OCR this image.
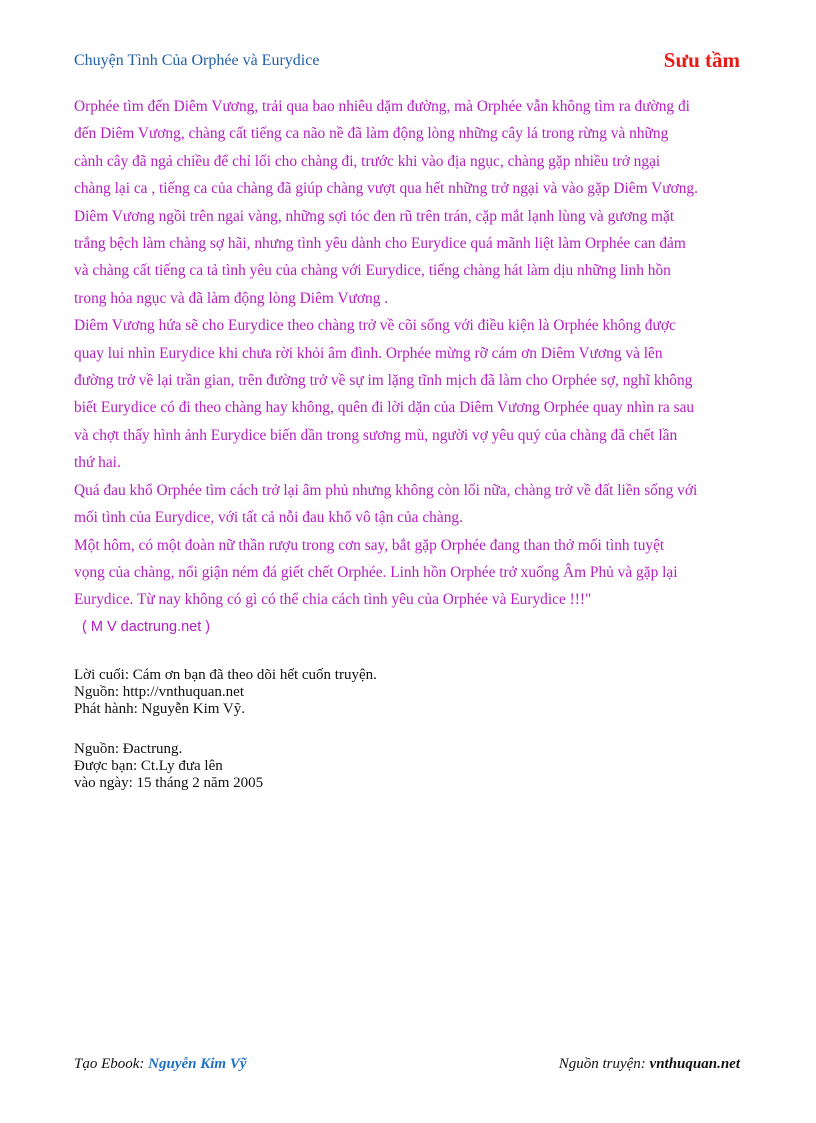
Chuyện Tình Của Orphée và Eurydice	Sưu tầm

Orphée tìm đến Diêm Vương, trải qua bao nhiêu dặm đường, mà Orphée vẫn không tìm ra đường đi
đến Diêm Vương, chàng cất tiếng ca não nề đã làm động lòng những cây lá trong rừng và những
cành cây đã ngả chiều để chỉ lối cho chàng đi, trước khi vào địa ngục, chàng gặp nhiều trở ngại
chàng lại ca , tiếng ca của chàng đã giúp chàng vượt qua hết những trở ngại và vào gặp Diêm Vương.
Diêm Vương ngồi trên ngai vàng, những sợi tóc đen rũ trên trán, cặp mắt lạnh lùng và gương mặt
trắng bệch làm chàng sợ hãi, nhưng tình yêu dành cho Eurydice quá mãnh liệt làm Orphée can đảm
và chàng cất tiếng ca tả tình yêu của chàng với Eurydice, tiếng chàng hát làm dịu những linh hồn
trong hỏa ngục và đã làm động lòng Diêm Vương .
Diêm Vương hứa sẽ cho Eurydice theo chàng trở về cõi sống với điều kiện là Orphée không được
quay lui nhìn Eurydice khi chưa rời khỏi âm đình. Orphée mừng rỡ cám ơn Diêm Vương và lên
đường trở về lại trần gian, trên đường trở về sự im lặng tĩnh mịch đã làm cho Orphée sợ, nghĩ không
biết Eurydice có đi theo chàng hay không, quên đi lời dặn của Diêm Vương Orphée quay nhìn ra sau
và chợt thấy hình ảnh Eurydice biến dần trong sương mù, người vợ yêu quý của chàng đã chết lần
thứ hai.
Quá đau khổ Orphée tìm cách trở lại âm phủ nhưng không còn lối nữa, chàng trở về đất liền sống với
mối tình của Eurydice, với tất cả nỗi đau khổ vô tận của chàng.
Một hôm, có một đoàn nữ thần rượu trong cơn say, bắt gặp Orphée đang than thở mối tình tuyệt
vọng của chàng, nổi giận ném đá giết chết Orphée. Linh hồn Orphée trở xuống Âm Phủ và gặp lại
Eurydice. Từ nay không có gì có thể chia cách tình yêu của Orphée và Eurydice !!!"

( M V dactrung.net )
Lời cuối: Cám ơn bạn đã theo dõi hết cuốn truyện.
Nguồn: http://vnthuquan.net
Phát hành: Nguyễn Kim Vỹ.
Nguồn: Đactrung.
Được bạn: Ct.Ly đưa lên
vào ngày: 15 tháng 2 năm 2005
Tạo Ebook: Nguyễn Kim Vỹ	Nguồn truyện: vnthuquan.net
